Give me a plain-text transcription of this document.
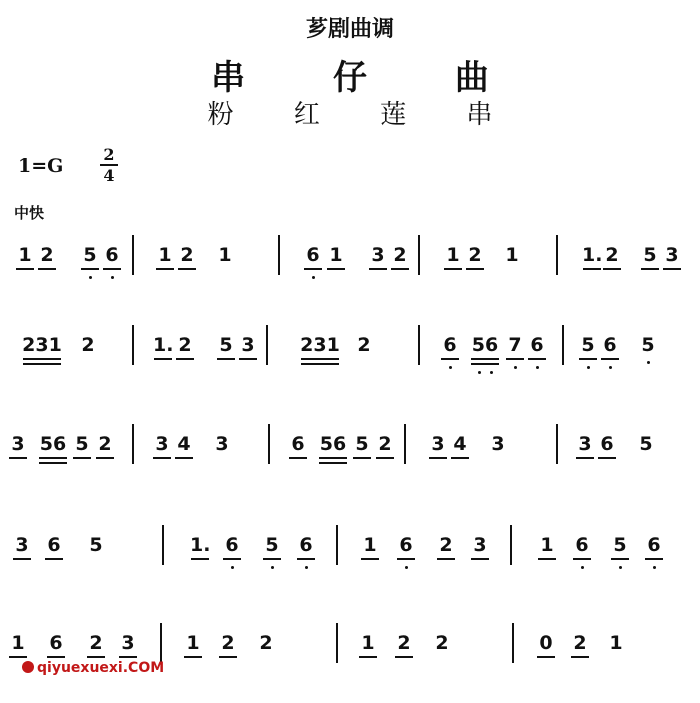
芗剧曲调
串 仔 曲
粉 红 莲 串
1=G
2
4
中快
1 2 5 6 1 2 1	6 1 3 2 1 2 1	1. 2 5 3
231 2	1. 2 5 3 231 2	6 56 7 6 5 6 5
3 56 5 2 3 4 3	6 56 5 2 3 4 3	3 6 5
3 6 5	1. 6 5 6	1 6 2 3	1 6 5 6
1 6 2 3	1 2 2	1 2 2	0 2 1
qiyuexuexi.COM
